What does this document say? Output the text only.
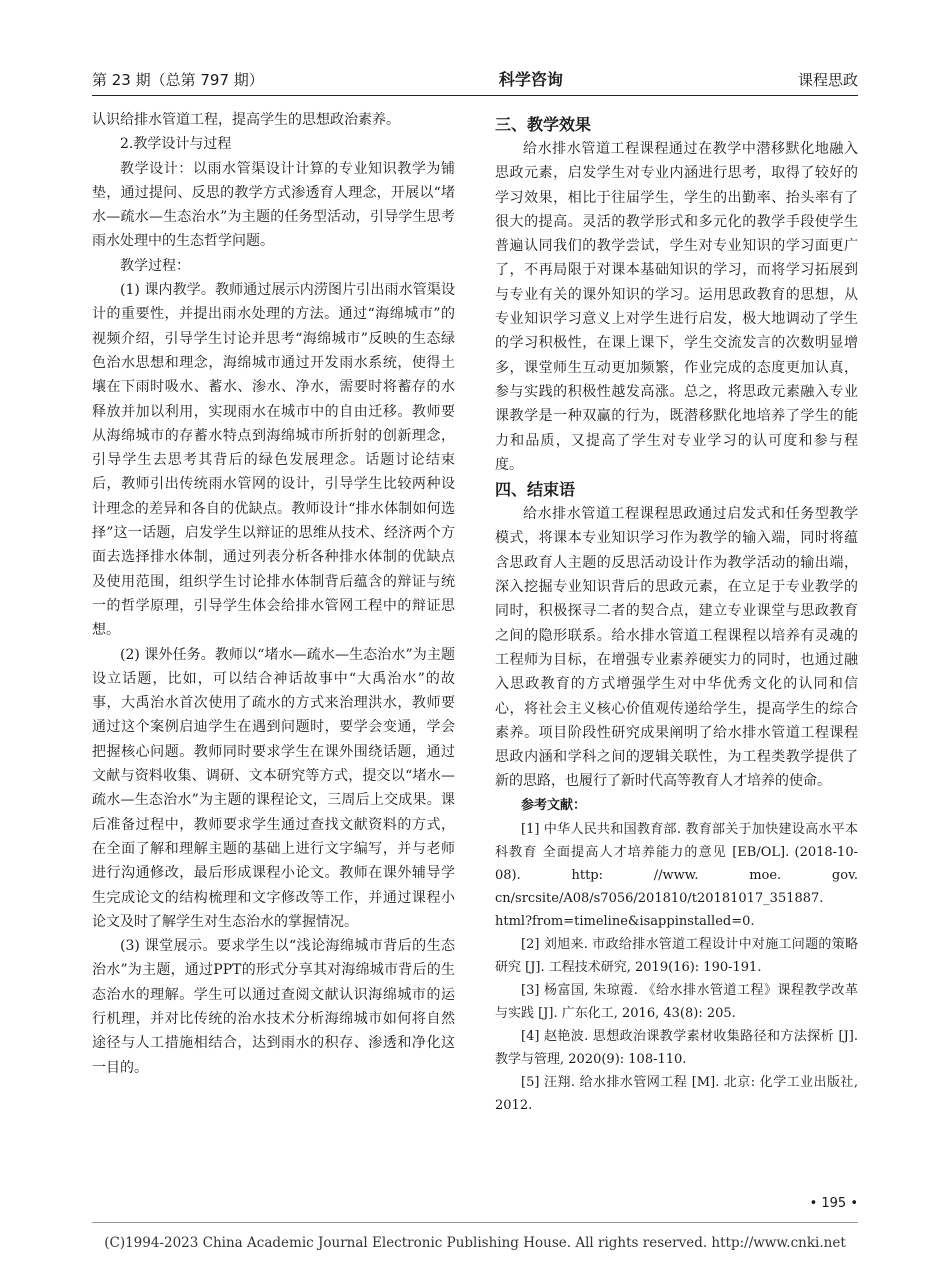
第 23 期（总第 797 期）	科学咨询	课程思政

认识给排水管道工程，提高学生的思想政治素养。

2.教学设计与过程

教学设计：以雨水管渠设计计算的专业知识教学为铺垫，通过提问、反思的教学方式渗透育人理念，开展以“堵水—疏水—生态治水”为主题的任务型活动，引导学生思考雨水处理中的生态哲学问题。

教学过程：

(1) 课内教学。教师通过展示内涝图片引出雨水管渠设计的重要性，并提出雨水处理的方法。通过“海绵城市”的视频介绍，引导学生讨论并思考“海绵城市”反映的生态绿色治水思想和理念，海绵城市通过开发雨水系统，使得土壤在下雨时吸水、蓄水、渗水、净水，需要时将蓄存的水释放并加以利用，实现雨水在城市中的自由迁移。教师要从海绵城市的存蓄水特点到海绵城市所折射的创新理念，引导学生去思考其背后的绿色发展理念。话题讨论结束后，教师引出传统雨水管网的设计，引导学生比较两种设计理念的差异和各自的优缺点。教师设计“排水体制如何选择”这一话题，启发学生以辩证的思维从技术、经济两个方面去选择排水体制，通过列表分析各种排水体制的优缺点及使用范围，组织学生讨论排水体制背后蕴含的辩证与统一的哲学原理，引导学生体会给排水管网工程中的辩证思想。

(2) 课外任务。教师以“堵水—疏水—生态治水”为主题设立话题，比如，可以结合神话故事中“大禹治水”的故事，大禹治水首次使用了疏水的方式来治理洪水，教师要通过这个案例启迪学生在遇到问题时，要学会变通，学会把握核心问题。教师同时要求学生在课外围绕话题，通过文献与资料收集、调研、文本研究等方式，提交以“堵水—疏水—生态治水”为主题的课程论文，三周后上交成果。课后准备过程中，教师要求学生通过查找文献资料的方式，在全面了解和理解主题的基础上进行文字编写，并与老师进行沟通修改，最后形成课程小论文。教师在课外辅导学生完成论文的结构梳理和文字修改等工作，并通过课程小论文及时了解学生对生态治水的掌握情况。

(3) 课堂展示。要求学生以“浅论海绵城市背后的生态治水”为主题，通过PPT的形式分享其对海绵城市背后的生态治水的理解。学生可以通过查阅文献认识海绵城市的运行机理，并对比传统的治水技术分析海绵城市如何将自然途径与人工措施相结合，达到雨水的积存、渗透和净化这一目的。

三、教学效果

给水排水管道工程课程通过在教学中潜移默化地融入思政元素，启发学生对专业内涵进行思考，取得了较好的学习效果，相比于往届学生，学生的出勤率、抬头率有了很大的提高。灵活的教学形式和多元化的教学手段使学生普遍认同我们的教学尝试，学生对专业知识的学习面更广了，不再局限于对课本基础知识的学习，而将学习拓展到与专业有关的课外知识的学习。运用思政教育的思想，从专业知识学习意义上对学生进行启发，极大地调动了学生的学习积极性，在课上课下，学生交流发言的次数明显增多，课堂师生互动更加频繁，作业完成的态度更加认真，参与实践的积极性越发高涨。总之，将思政元素融入专业课教学是一种双赢的行为，既潜移默化地培养了学生的能力和品质，又提高了学生对专业学习的认可度和参与程度。

四、结束语

给水排水管道工程课程思政通过启发式和任务型教学模式，将课本专业知识学习作为教学的输入端，同时将蕴含思政育人主题的反思活动设计作为教学活动的输出端，深入挖掘专业知识背后的思政元素，在立足于专业教学的同时，积极探寻二者的契合点，建立专业课堂与思政教育之间的隐形联系。给水排水管道工程课程以培养有灵魂的工程师为目标，在增强专业素养硬实力的同时，也通过融入思政教育的方式增强学生对中华优秀文化的认同和信心，将社会主义核心价值观传递给学生，提高学生的综合素养。项目阶段性研究成果阐明了给水排水管道工程课程思政内涵和学科之间的逻辑关联性，为工程类教学提供了新的思路，也履行了新时代高等教育人才培养的使命。

参考文献：

[1] 中华人民共和国教育部. 教育部关于加快建设高水平本科教育 全面提高人才培养能力的意见 [EB/OL]. (2018-10-08). http: //www. moe. gov. cn/srcsite/A08/s7056/201810/t20181017_351887. html?from=timeline&isappinstalled=0.

[2] 刘旭来. 市政给排水管道工程设计中对施工问题的策略研究 [J]. 工程技术研究, 2019(16): 190-191.

[3] 杨富国, 朱琼霞. 《给水排水管道工程》课程教学改革与实践 [J]. 广东化工, 2016, 43(8): 205.

[4] 赵艳波. 思想政治课教学素材收集路径和方法探析 [J]. 教学与管理, 2020(9): 108-110.

[5] 汪翔. 给水排水管网工程 [M]. 北京: 化学工业出版社, 2012.

• 195 •
(C)1994-2023 China Academic Journal Electronic Publishing House. All rights reserved. http://www.cnki.net
